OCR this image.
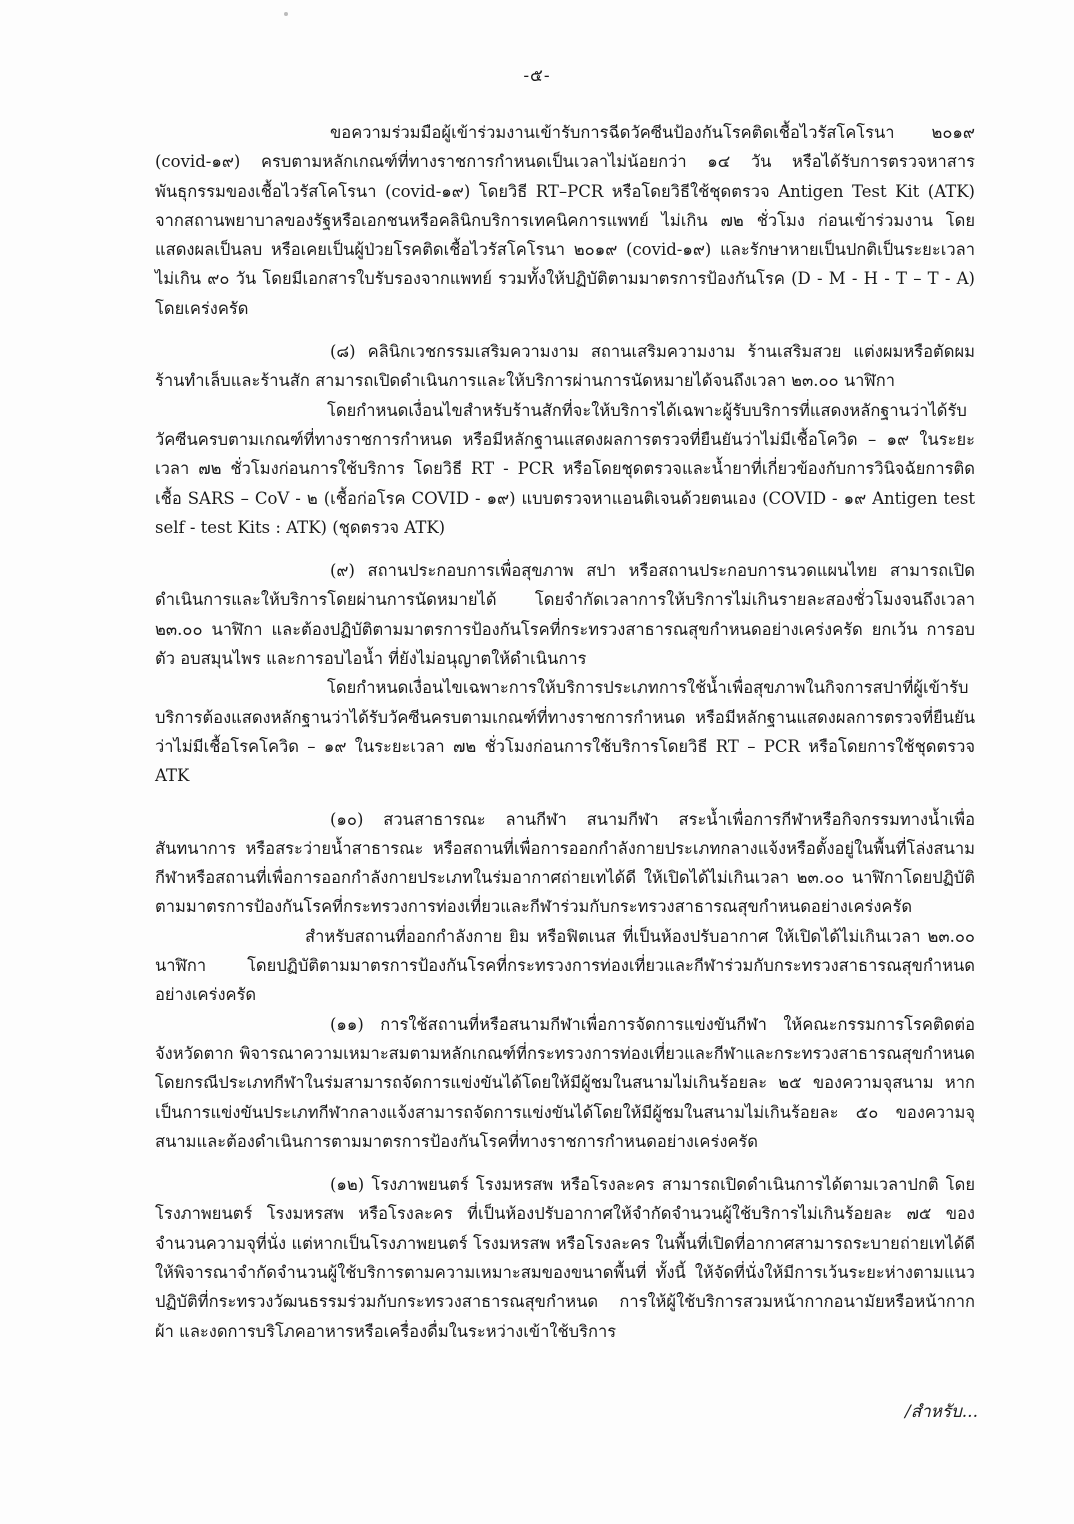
-๕-

ขอความร่วมมือผู้เข้าร่วมงานเข้ารับการฉีดวัคซีนป้องกันโรคติดเชื้อไวรัสโคโรนา ๒๐๑๙ (covid-๑๙) ครบตามหลักเกณฑ์ที่ทางราชการกำหนดเป็นเวลาไม่น้อยกว่า ๑๔ วัน หรือได้รับการตรวจหาสารพันธุกรรมของเชื้อไวรัสโคโรนา (covid-๑๙) โดยวิธี RT–PCR หรือโดยวิธีใช้ชุดตรวจ Antigen Test Kit (ATK) จากสถานพยาบาลของรัฐหรือเอกชนหรือคลินิกบริการเทคนิคการแพทย์ ไม่เกิน ๗๒ ชั่วโมง ก่อนเข้าร่วมงาน โดยแสดงผลเป็นลบ หรือเคยเป็นผู้ป่วยโรคติดเชื้อไวรัสโคโรนา ๒๐๑๙ (covid-๑๙) และรักษาหายเป็นปกติเป็นระยะเวลาไม่เกิน ๙๐ วัน โดยมีเอกสารใบรับรองจากแพทย์ รวมทั้งให้ปฏิบัติตามมาตรการป้องกันโรค (D - M - H - T – T - A) โดยเคร่งครัด

(๘) คลินิกเวชกรรมเสริมความงาม สถานเสริมความงาม ร้านเสริมสวย แต่งผมหรือตัดผม ร้านทำเล็บและร้านสัก สามารถเปิดดำเนินการและให้บริการผ่านการนัดหมายได้จนถึงเวลา ๒๓.๐๐ นาฬิกา

โดยกำหนดเงื่อนไขสำหรับร้านสักที่จะให้บริการได้เฉพาะผู้รับบริการที่แสดงหลักฐานว่าได้รับวัคซีนครบตามเกณฑ์ที่ทางราชการกำหนด หรือมีหลักฐานแสดงผลการตรวจที่ยืนยันว่าไม่มีเชื้อโควิด – ๑๙ ในระยะเวลา ๗๒ ชั่วโมงก่อนการใช้บริการ โดยวิธี RT - PCR หรือโดยชุดตรวจและน้ำยาที่เกี่ยวข้องกับการวินิจฉัยการติดเชื้อ SARS – CoV - ๒ (เชื้อก่อโรค COVID - ๑๙) แบบตรวจหาแอนติเจนด้วยตนเอง (COVID - ๑๙ Antigen test self - test Kits : ATK) (ชุดตรวจ ATK)

(๙) สถานประกอบการเพื่อสุขภาพ สปา หรือสถานประกอบการนวดแผนไทย สามารถเปิดดำเนินการและให้บริการโดยผ่านการนัดหมายได้ โดยจำกัดเวลาการให้บริการไม่เกินรายละสองชั่วโมงจนถึงเวลา ๒๓.๐๐ นาฬิกา และต้องปฏิบัติตามมาตรการป้องกันโรคที่กระทรวงสาธารณสุขกำหนดอย่างเคร่งครัด ยกเว้น การอบตัว อบสมุนไพร และการอบไอน้ำ ที่ยังไม่อนุญาตให้ดำเนินการ

โดยกำหนดเงื่อนไขเฉพาะการให้บริการประเภทการใช้น้ำเพื่อสุขภาพในกิจการสปาที่ผู้เข้ารับบริการต้องแสดงหลักฐานว่าได้รับวัคซีนครบตามเกณฑ์ที่ทางราชการกำหนด หรือมีหลักฐานแสดงผลการตรวจที่ยืนยันว่าไม่มีเชื้อโรคโควิด – ๑๙ ในระยะเวลา ๗๒ ชั่วโมงก่อนการใช้บริการโดยวิธี RT – PCR หรือโดยการใช้ชุดตรวจ ATK

(๑๐) สวนสาธารณะ ลานกีฬา สนามกีฬา สระน้ำเพื่อการกีฬาหรือกิจกรรมทางน้ำเพื่อสันทนาการ หรือสระว่ายน้ำสาธารณะ หรือสถานที่เพื่อการออกกำลังกายประเภทกลางแจ้งหรือตั้งอยู่ในพื้นที่โล่งสนามกีฬาหรือสถานที่เพื่อการออกกำลังกายประเภทในร่มอากาศถ่ายเทได้ดี ให้เปิดได้ไม่เกินเวลา ๒๓.๐๐ นาฬิกาโดยปฏิบัติตามมาตรการป้องกันโรคที่กระทรวงการท่องเที่ยวและกีฬาร่วมกับกระทรวงสาธารณสุขกำหนดอย่างเคร่งครัด

สำหรับสถานที่ออกกำลังกาย ยิม หรือฟิตเนส ที่เป็นห้องปรับอากาศ ให้เปิดได้ไม่เกินเวลา ๒๓.๐๐ นาฬิกา โดยปฏิบัติตามมาตรการป้องกันโรคที่กระทรวงการท่องเที่ยวและกีฬาร่วมกับกระทรวงสาธารณสุขกำหนดอย่างเคร่งครัด

(๑๑) การใช้สถานที่หรือสนามกีฬาเพื่อการจัดการแข่งขันกีฬา ให้คณะกรรมการโรคติดต่อจังหวัดตาก พิจารณาความเหมาะสมตามหลักเกณฑ์ที่กระทรวงการท่องเที่ยวและกีฬาและกระทรวงสาธารณสุขกำหนด โดยกรณีประเภทกีฬาในร่มสามารถจัดการแข่งขันได้โดยให้มีผู้ชมในสนามไม่เกินร้อยละ ๒๕ ของความจุสนาม หากเป็นการแข่งขันประเภทกีฬากลางแจ้งสามารถจัดการแข่งขันได้โดยให้มีผู้ชมในสนามไม่เกินร้อยละ ๕๐ ของความจุสนามและต้องดำเนินการตามมาตรการป้องกันโรคที่ทางราชการกำหนดอย่างเคร่งครัด

(๑๒) โรงภาพยนตร์ โรงมหรสพ หรือโรงละคร สามารถเปิดดำเนินการได้ตามเวลาปกติ โดยโรงภาพยนตร์ โรงมหรสพ หรือโรงละคร ที่เป็นห้องปรับอากาศให้จำกัดจำนวนผู้ใช้บริการไม่เกินร้อยละ ๗๕ ของจำนวนความจุที่นั่ง แต่หากเป็นโรงภาพยนตร์ โรงมหรสพ หรือโรงละคร ในพื้นที่เปิดที่อากาศสามารถระบายถ่ายเทได้ดี ให้พิจารณาจำกัดจำนวนผู้ใช้บริการตามความเหมาะสมของขนาดพื้นที่ ทั้งนี้ ให้จัดที่นั่งให้มีการเว้นระยะห่างตามแนวปฏิบัติที่กระทรวงวัฒนธรรมร่วมกับกระทรวงสาธารณสุขกำหนด การให้ผู้ใช้บริการสวมหน้ากากอนามัยหรือหน้ากากผ้า และงดการบริโภคอาหารหรือเครื่องดื่มในระหว่างเข้าใช้บริการ

/สำหรับ...
